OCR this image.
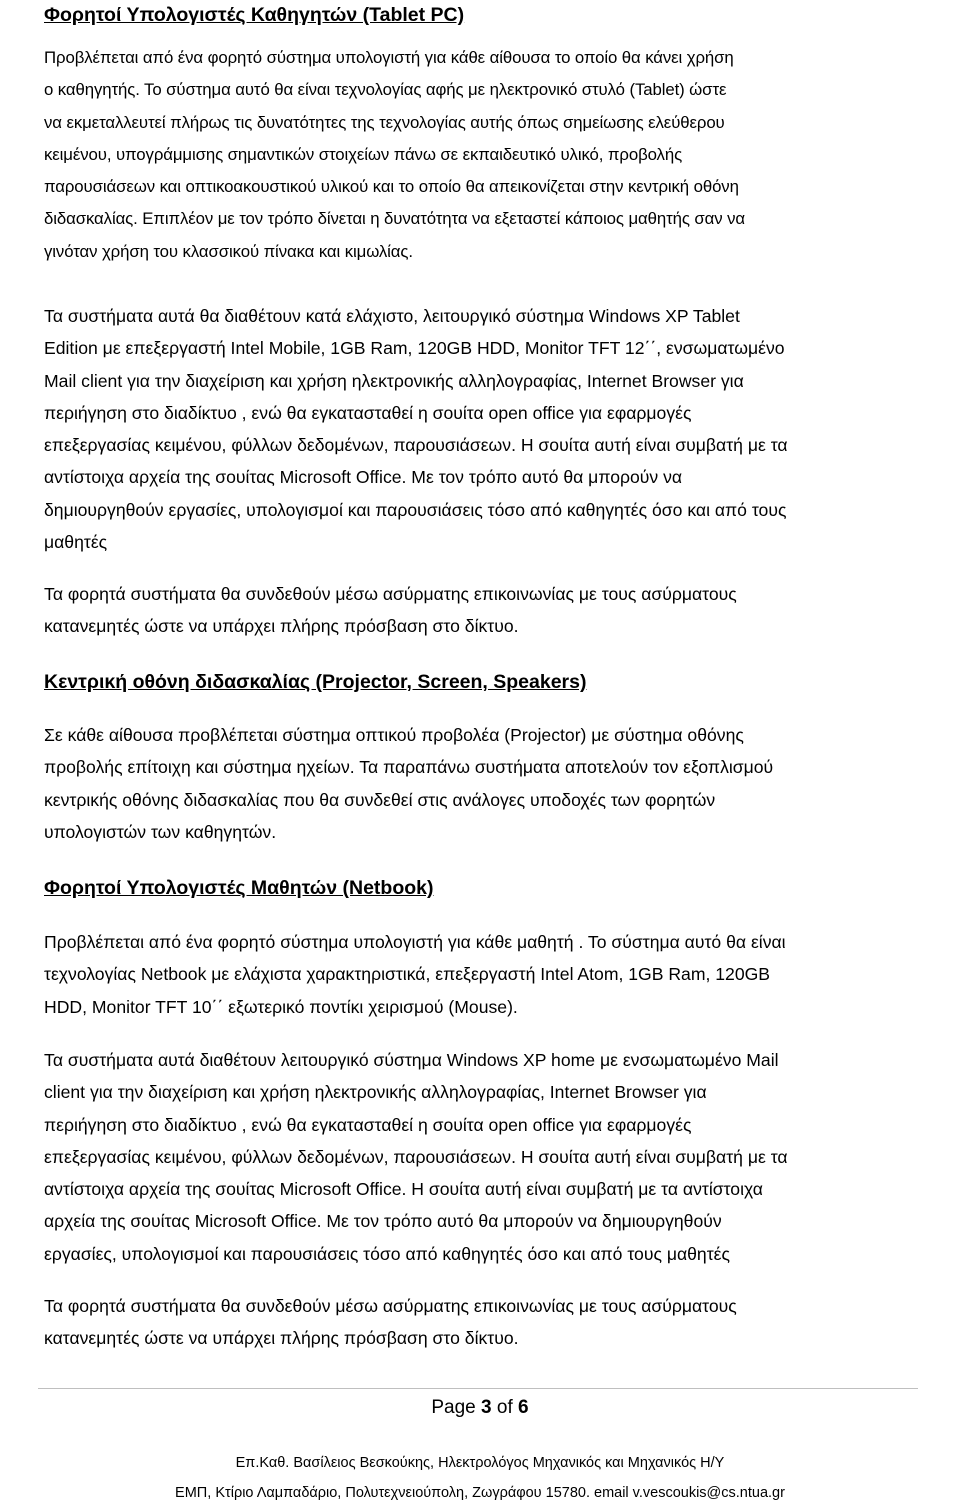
Φορητοί Υπολογιστές Καθηγητών (Tablet PC)
Προβλέπεται από ένα φορητό σύστημα υπολογιστή για κάθε αίθουσα το οποίο θα κάνει χρήση
ο καθηγητής. Το σύστημα αυτό θα είναι τεχνολογίας αφής με ηλεκτρονικό στυλό (Tablet) ώστε
να εκμεταλλευτεί πλήρως τις δυνατότητες της τεχνολογίας αυτής όπως σημείωσης ελεύθερου
κειμένου, υπογράμμισης σημαντικών στοιχείων πάνω σε εκπαιδευτικό υλικό, προβολής
παρουσιάσεων και οπτικοακουστικού υλικού και το οποίο θα απεικονίζεται στην κεντρική οθόνη
διδασκαλίας. Επιπλέον με τον τρόπο δίνεται η δυνατότητα να εξεταστεί κάποιος μαθητής σαν να
γινόταν χρήση του κλασσικού πίνακα και κιμωλίας.
Τα συστήματα αυτά θα διαθέτουν κατά ελάχιστο, λειτουργικό σύστημα Windows XP Tablet
Edition με επεξεργαστή Intel Mobile, 1GB Ram, 120GB HDD, Monitor TFT 12΄΄, ενσωματωμένο
Mail client για την διαχείριση και χρήση ηλεκτρονικής αλληλογραφίας, Internet Browser για
περιήγηση στο διαδίκτυο , ενώ θα εγκατασταθεί η σουίτα open office για εφαρμογές
επεξεργασίας κειμένου, φύλλων δεδομένων, παρουσιάσεων. Η σουίτα αυτή είναι συμβατή με τα
αντίστοιχα αρχεία της σουίτας Microsoft Office. Με τον τρόπο αυτό θα μπορούν να
δημιουργηθούν εργασίες, υπολογισμοί και παρουσιάσεις τόσο από καθηγητές όσο και από τους
μαθητές
Τα φορητά συστήματα θα συνδεθούν μέσω ασύρματης επικοινωνίας με τους ασύρματους
κατανεμητές ώστε να υπάρχει πλήρης πρόσβαση στο δίκτυο.
Κεντρική οθόνη διδασκαλίας (Projector, Screen, Speakers)
Σε κάθε αίθουσα προβλέπεται σύστημα οπτικού προβολέα (Projector) με σύστημα οθόνης
προβολής επίτοιχη και σύστημα ηχείων. Τα παραπάνω συστήματα αποτελούν τον εξοπλισμού
κεντρικής οθόνης διδασκαλίας που θα συνδεθεί στις ανάλογες υποδοχές των φορητών
υπολογιστών των καθηγητών.
Φορητοί Υπολογιστές Μαθητών (Netbook)
Προβλέπεται από ένα φορητό σύστημα υπολογιστή για κάθε μαθητή . Το σύστημα αυτό θα είναι
τεχνολογίας Netbook με ελάχιστα χαρακτηριστικά, επεξεργαστή Intel Atom, 1GB Ram, 120GB
HDD, Monitor TFT 10΄΄ εξωτερικό ποντίκι χειρισμού (Mouse).
Τα συστήματα αυτά διαθέτουν λειτουργικό σύστημα Windows XP home με ενσωματωμένο Mail
client για την διαχείριση και χρήση ηλεκτρονικής αλληλογραφίας, Internet Browser για
περιήγηση στο διαδίκτυο , ενώ θα εγκατασταθεί η σουίτα open office για εφαρμογές
επεξεργασίας κειμένου, φύλλων δεδομένων, παρουσιάσεων. Η σουίτα αυτή είναι συμβατή με τα
αντίστοιχα αρχεία της σουίτας Microsoft Office. Η σουίτα αυτή είναι συμβατή με τα αντίστοιχα
αρχεία της σουίτας Microsoft Office. Με τον τρόπο αυτό θα μπορούν να δημιουργηθούν
εργασίες, υπολογισμοί και παρουσιάσεις τόσο από καθηγητές όσο και από τους μαθητές
Τα φορητά συστήματα θα συνδεθούν μέσω ασύρματης επικοινωνίας με τους ασύρματους
κατανεμητές ώστε να υπάρχει πλήρης πρόσβαση στο δίκτυο.
Page 3 of 6
Επ.Καθ. Βασίλειος Βεσκούκης, Ηλεκτρολόγος Μηχανικός και Μηχανικός Η/Υ
ΕΜΠ, Κτίριο Λαμπαδάριο, Πολυτεχνειούπολη, Ζωγράφου 15780. email v.vescoukis@cs.ntua.gr
